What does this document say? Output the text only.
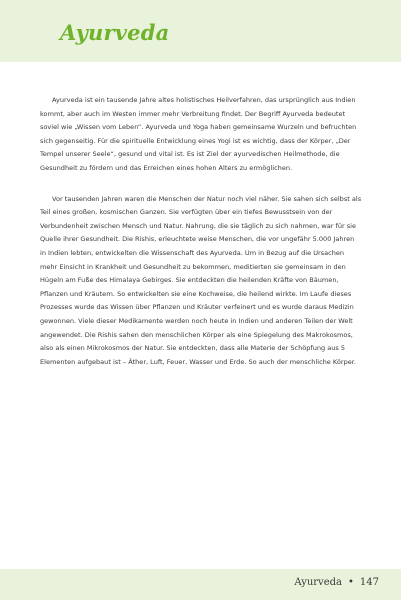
Ayurveda

Ayurveda ist ein tausende Jahre altes holistisches Heilverfahren, das ursprünglich aus Indien kommt, aber auch im Westen immer mehr Verbreitung findet. Der Begriff Ayurveda bedeutet soviel wie „Wissen vom Leben“. Ayurveda und Yoga haben gemeinsame Wurzeln und befruchten sich gegenseitig. Für die spirituelle Entwicklung eines Yogi ist es wichtig, dass der Körper, „Der Tempel unserer Seele“, gesund und vital ist. Es ist Ziel der ayurvedischen Heilmethode, die Gesundheit zu fördern und das Erreichen eines hohen Alters zu ermöglichen.

Vor tausenden Jahren waren die Menschen der Natur noch viel näher. Sie sahen sich selbst als Teil eines großen, kosmischen Ganzen. Sie verfügten über ein tiefes Bewusstsein von der Verbundenheit zwischen Mensch und Natur. Nahrung, die sie täglich zu sich nahmen, war für sie Quelle ihrer Gesundheit. Die Rishis, erleuchtete weise Menschen, die vor ungefähr 5.000 Jahren in Indien lebten, entwickelten die Wissenschaft des Ayurveda. Um in Bezug auf die Ursachen mehr Einsicht in Krankheit und Gesundheit zu bekommen, meditierten sie gemeinsam in den Hügeln am Fuße des Himalaya Gebirges. Sie entdeckten die heilenden Kräfte von Bäumen, Pflanzen und Kräutern. So entwickelten sie eine Kochweise, die heilend wirkte. Im Laufe dieses Prozesses wurde das Wissen über Pflanzen und Kräuter verfeinert und es wurde daraus Medizin gewonnen. Viele dieser Medikamente werden noch heute in Indien und anderen Teilen der Welt angewendet. Die Rishis sahen den menschlichen Körper als eine Spiegelung des Makrokosmos, also als einen Mikrokosmos der Natur. Sie entdeckten, dass alle Materie der Schöpfung aus 5 Elementen aufgebaut ist – Äther, Luft, Feuer, Wasser und Erde. So auch der menschliche Körper.

Ayurveda • 147
